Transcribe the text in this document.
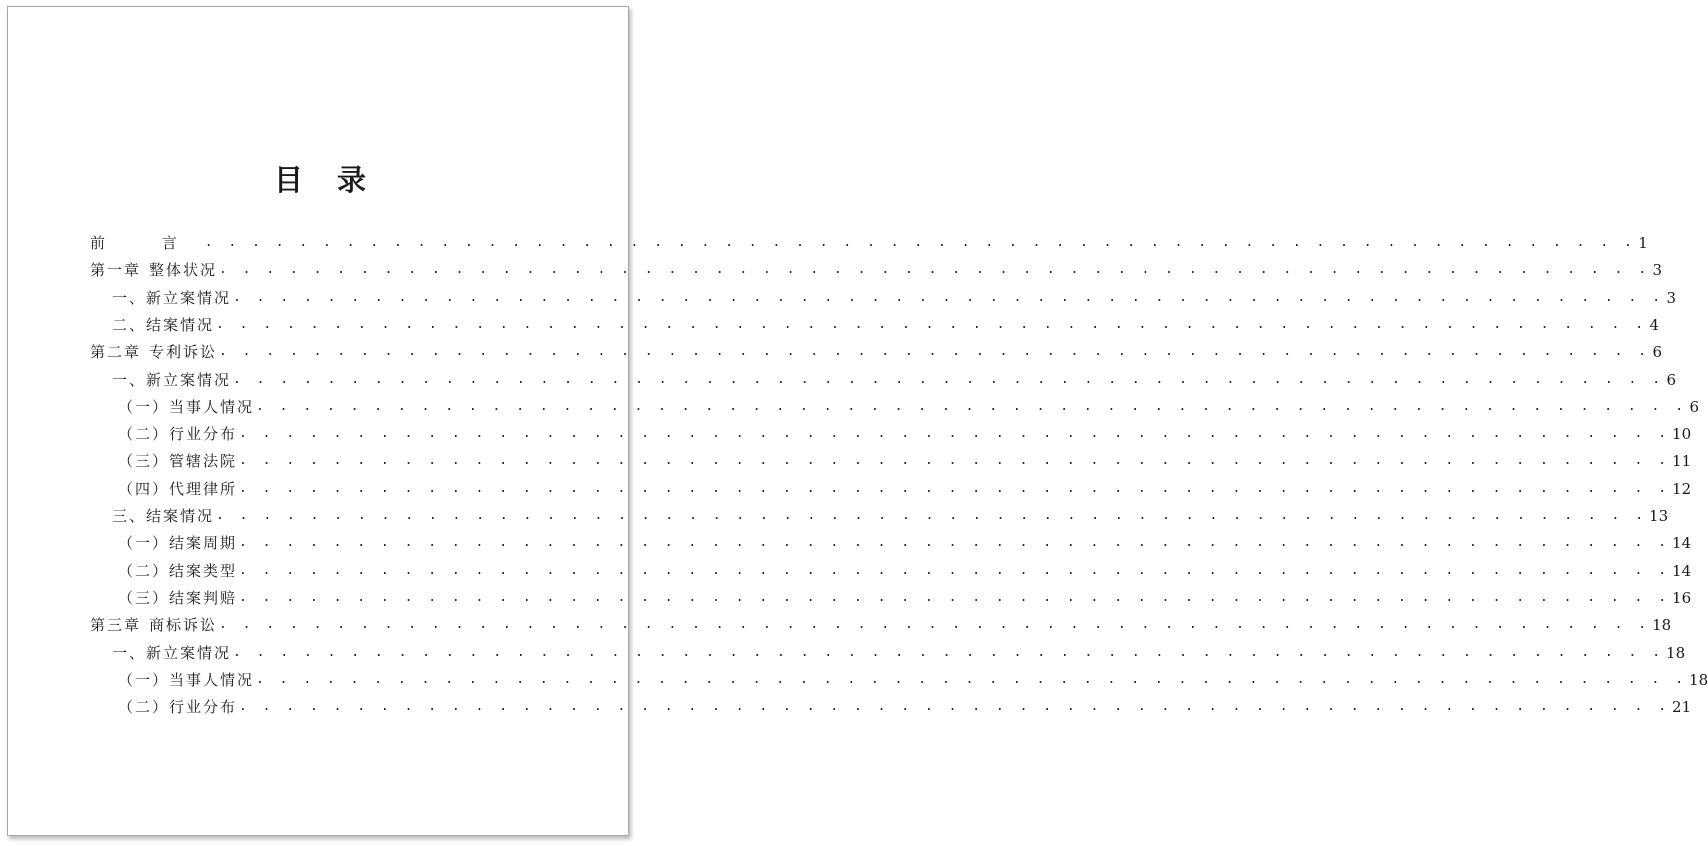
目 录
前 言 . . . . . . . . . . . . . . . . . . . . . . . . . . . . . . . . . . . . . . . . . . . . . . . . . . . . . . . . . . . . . 1
第一章 整体状况 . . . . . . . . . . . . . . . . . . . . . . . . . . . . . . . . . . . . . . . . . . . . . . . . . . . . . . . . . . . . . 3
一、新立案情况 . . . . . . . . . . . . . . . . . . . . . . . . . . . . . . . . . . . . . . . . . . . . . . . . . . . . . . . . . . . . . 3
二、结案情况 . . . . . . . . . . . . . . . . . . . . . . . . . . . . . . . . . . . . . . . . . . . . . . . . . . . . . . . . . . . . . 4
第二章 专利诉讼 . . . . . . . . . . . . . . . . . . . . . . . . . . . . . . . . . . . . . . . . . . . . . . . . . . . . . . . . . . . . . 6
一、新立案情况 . . . . . . . . . . . . . . . . . . . . . . . . . . . . . . . . . . . . . . . . . . . . . . . . . . . . . . . . . . . . . 6
（一）当事人情况 . . . . . . . . . . . . . . . . . . . . . . . . . . . . . . . . . . . . . . . . . . . . . . . . . . . . . . . . . . . . . 6
（二）行业分布 . . . . . . . . . . . . . . . . . . . . . . . . . . . . . . . . . . . . . . . . . . . . . . . . . . . . . . . . . . . . . 10
（三）管辖法院 . . . . . . . . . . . . . . . . . . . . . . . . . . . . . . . . . . . . . . . . . . . . . . . . . . . . . . . . . . . . . 11
（四）代理律所 . . . . . . . . . . . . . . . . . . . . . . . . . . . . . . . . . . . . . . . . . . . . . . . . . . . . . . . . . . . . . 12
三、结案情况 . . . . . . . . . . . . . . . . . . . . . . . . . . . . . . . . . . . . . . . . . . . . . . . . . . . . . . . . . . . . . 13
（一）结案周期 . . . . . . . . . . . . . . . . . . . . . . . . . . . . . . . . . . . . . . . . . . . . . . . . . . . . . . . . . . . . . 14
（二）结案类型 . . . . . . . . . . . . . . . . . . . . . . . . . . . . . . . . . . . . . . . . . . . . . . . . . . . . . . . . . . . . . 14
（三）结案判赔 . . . . . . . . . . . . . . . . . . . . . . . . . . . . . . . . . . . . . . . . . . . . . . . . . . . . . . . . . . . . . 16
第三章 商标诉讼 . . . . . . . . . . . . . . . . . . . . . . . . . . . . . . . . . . . . . . . . . . . . . . . . . . . . . . . . . . . . . 18
一、新立案情况 . . . . . . . . . . . . . . . . . . . . . . . . . . . . . . . . . . . . . . . . . . . . . . . . . . . . . . . . . . . . . 18
（一）当事人情况 . . . . . . . . . . . . . . . . . . . . . . . . . . . . . . . . . . . . . . . . . . . . . . . . . . . . . . . . . . . . . 18
（二）行业分布 . . . . . . . . . . . . . . . . . . . . . . . . . . . . . . . . . . . . . . . . . . . . . . . . . . . . . . . . . . . . . 21
